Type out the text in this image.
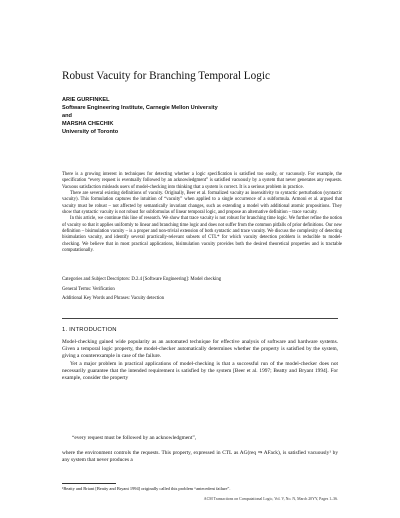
Robust Vacuity for Branching Temporal Logic
ARIE GURFINKEL
Software Engineering Institute, Carnegie Mellon University
and
MARSHA CHECHIK
University of Toronto

There is a growing interest in techniques for detecting whether a logic specification is satisfied too easily, or vacuously. For example, the specification “every request is eventually followed by an acknowledgment” is satisfied vacuously by a system that never generates any requests. Vacuous satisfaction misleads users of model-checking into thinking that a system is correct. It is a serious problem in practice.

There are several existing definitions of vacuity. Originally, Beer et al. formalized vacuity as insensitivity to syntactic perturbation (syntactic vacuity). This formulation captures the intuition of “vacuity” when applied to a single occurrence of a subformula. Armoni et al. argued that vacuity must be robust – not affected by semantically invariant changes, such as extending a model with additional atomic propositions. They show that syntactic vacuity is not robust for subformulas of linear temporal logic, and propose an alternative definition – trace vacuity.

In this article, we continue this line of research. We show that trace vacuity is not robust for branching time logic. We further refine the notion of vacuity so that it applies uniformly to linear and branching time logic and does not suffer from the common pitfalls of prior definitions. Our new definition – bisimulation vacuity – is a proper and non-trivial extension of both syntactic and trace vacuity. We discuss the complexity of detecting bisimulation vacuity, and identify several practically-relevant subsets of CTL* for which vacuity detection problem is reducible to model-checking. We believe that in most practical applications, bisimulation vacuity provides both the desired theoretical properties and is tractable computationally.

Categories and Subject Descriptors: D.2.4 [Software Engineering]: Model checking
General Terms: Verification
Additional Key Words and Phrases: Vacuity detection
1. INTRODUCTION

Model-checking gained wide popularity as an automated technique for effective analysis of software and hardware systems. Given a temporal logic property, the model-checker automatically determines whether the property is satisfied by the system, giving a counterexample in case of the failure.

Yet a major problem in practical applications of model-checking is that a successful run of the model-checker does not necessarily guarantee that the intended requirement is satisfied by the system [Beer et al. 1997; Beatty and Bryant 1994]. For example, consider the property

“every request must be followed by an acknowledgment”,

where the environment controls the requests. This property, expressed in CTL as AG(req ⇒ AFack), is satisfied vacuously¹ by any system that never produces a

¹Beatty and Briant [Beatty and Bryant 1994] originally called this problem “antecedent failure”.
ACM Transactions on Computational Logic, Vol. V, No. N, March 20YY, Pages 1–36.
